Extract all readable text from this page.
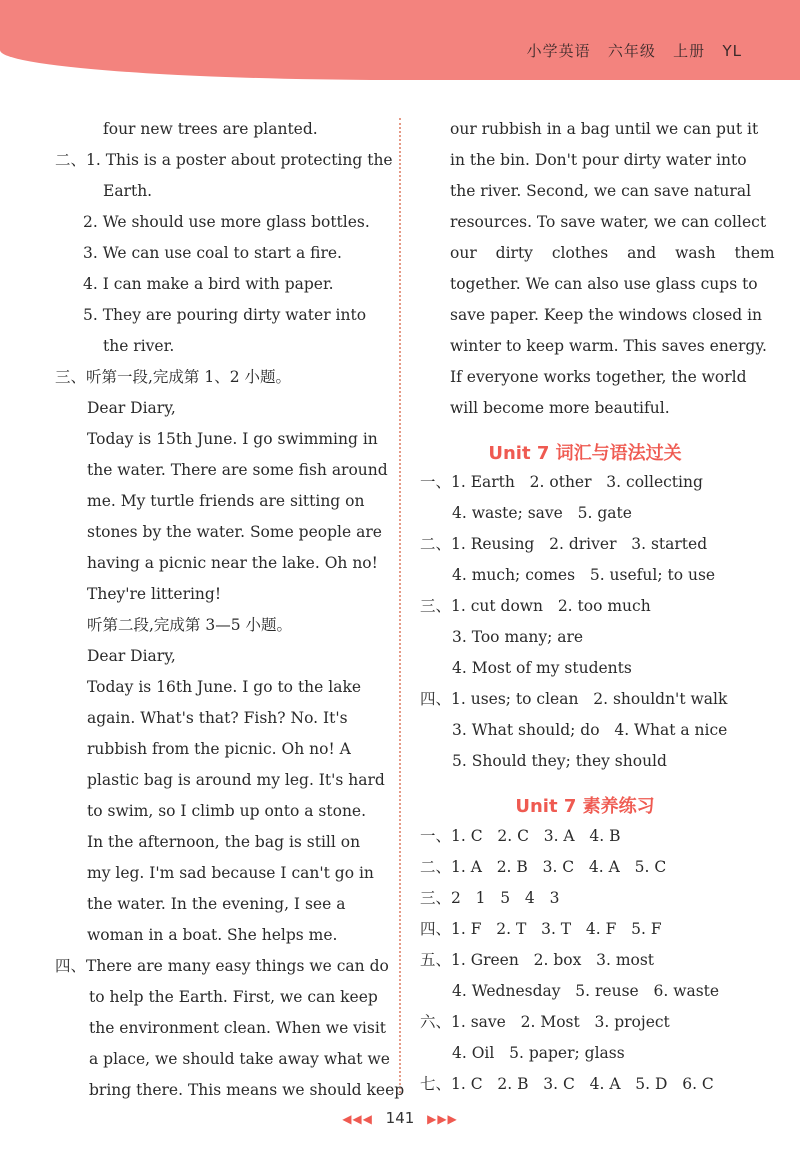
小学英语   六年级   上册   YL
four new trees are planted.
二、1. This is a poster about protecting the
Earth.
2. We should use more glass bottles.
3. We can use coal to start a fire.
4. I can make a bird with paper.
5. They are pouring dirty water into
the river.
三、听第一段,完成第 1、2 小题。
Dear Diary,
Today is 15th June. I go swimming in
the water. There are some fish around
me. My turtle friends are sitting on
stones by the water. Some people are
having a picnic near the lake. Oh no!
They're littering!
听第二段,完成第 3—5 小题。
Dear Diary,
Today is 16th June. I go to the lake
again. What's that? Fish? No. It's
rubbish from the picnic. Oh no! A
plastic bag is around my leg. It's hard
to swim, so I climb up onto a stone.
In the afternoon, the bag is still on
my leg. I'm sad because I can't go in
the water. In the evening, I see a
woman in a boat. She helps me.
四、There are many easy things we can do
to help the Earth. First, we can keep
the environment clean. When we visit
a place, we should take away what we
bring there. This means we should keep
our rubbish in a bag until we can put it
in the bin. Don't pour dirty water into
the river. Second, we can save natural
resources. To save water, we can collect
our dirty clothes and wash them
together. We can also use glass cups to
save paper. Keep the windows closed in
winter to keep warm. This saves energy.
If everyone works together, the world
will become more beautiful.
Unit 7 词汇与语法过关
一、1. Earth   2. other   3. collecting
4. waste; save   5. gate
二、1. Reusing   2. driver   3. started
4. much; comes   5. useful; to use
三、1. cut down   2. too much
3. Too many; are
4. Most of my students
四、1. uses; to clean   2. shouldn't walk
3. What should; do   4. What a nice
5. Should they; they should
Unit 7 素养练习
一、1. C   2. C   3. A   4. B
二、1. A   2. B   3. C   4. A   5. C
三、2   1   5   4   3
四、1. F   2. T   3. T   4. F   5. F
五、1. Green   2. box   3. most
4. Wednesday   5. reuse   6. waste
六、1. save   2. Most   3. project
4. Oil   5. paper; glass
七、1. C   2. B   3. C   4. A   5. D   6. C
◀◀◀ 141 ▶▶▶
